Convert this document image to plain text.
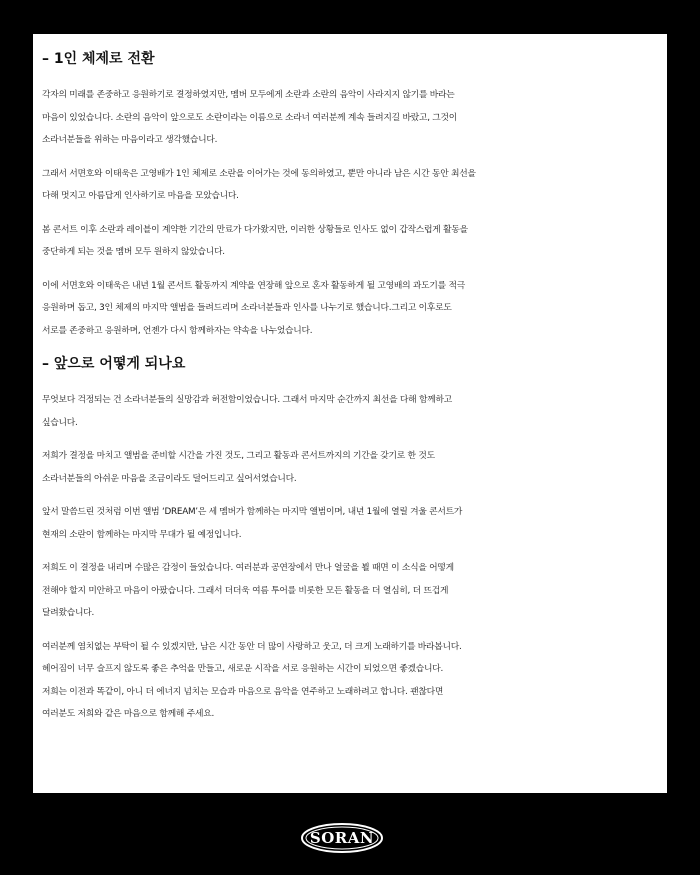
– 1인 체제로 전환

각자의 미래를 존중하고 응원하기로 결정하였지만, 멤버 모두에게 소란과 소란의 음악이 사라지지 않기를 바라는
마음이 있었습니다. 소란의 음악이 앞으로도 소란이라는 이름으로 소라너 여러분께 계속 들려지길 바랐고, 그것이
소라너분들을 위하는 마음이라고 생각했습니다.

그래서 서면호와 이태욱은 고영배가 1인 체제로 소란을 이어가는 것에 동의하였고, 뿐만 아니라 남은 시간 동안 최선을
다해 멋지고 아름답게 인사하기로 마음을 모았습니다.

봄 콘서트 이후 소란과 레이블이 계약한 기간의 만료가 다가왔지만, 이러한 상황들로 인사도 없이 갑작스럽게 활동을
중단하게 되는 것을 멤버 모두 원하지 않았습니다.

이에 서면호와 이태욱은 내년 1월 콘서트 활동까지 계약을 연장해 앞으로 혼자 활동하게 될 고영배의 과도기를 적극
응원하며 돕고, 3인 체제의 마지막 앨범을 들려드리며 소라너분들과 인사를 나누기로 했습니다.그리고 이후로도
서로를 존중하고 응원하며, 언젠가 다시 함께하자는 약속을 나누었습니다.

– 앞으로 어떻게 되나요

무엇보다 걱정되는 건 소라너분들의 실망감과 허전함이었습니다. 그래서 마지막 순간까지 최선을 다해 함께하고
싶습니다.

저희가 결정을 마치고 앨범을 준비할 시간을 가진 것도, 그리고 활동과 콘서트까지의 기간을 갖기로 한 것도
소라너분들의 아쉬운 마음을 조금이라도 덜어드리고 싶어서였습니다.

앞서 말씀드린 것처럼 이번 앨범 ‘DREAM’은 세 멤버가 함께하는 마지막 앨범이며, 내년 1월에 열릴 겨울 콘서트가
현재의 소란이 함께하는 마지막 무대가 될 예정입니다.

저희도 이 결정을 내리며 수많은 감정이 들었습니다. 여러분과 공연장에서 만나 얼굴을 뵐 때면 이 소식을 어떻게
전해야 할지 미안하고 마음이 아팠습니다. 그래서 더더욱 여름 투어를 비롯한 모든 활동을 더 열심히, 더 뜨겁게
달려왔습니다.

여러분께 염치없는 부탁이 될 수 있겠지만, 남은 시간 동안 더 많이 사랑하고 웃고, 더 크게 노래하기를 바라봅니다.
헤어짐이 너무 슬프지 않도록 좋은 추억을 만들고, 새로운 시작을 서로 응원하는 시간이 되었으면 좋겠습니다.
저희는 이전과 똑같이, 아니 더 에너지 넘치는 모습과 마음으로 음악을 연주하고 노래하려고 합니다. 괜찮다면
여러분도 저희와 같은 마음으로 함께해 주세요.

SORAN
